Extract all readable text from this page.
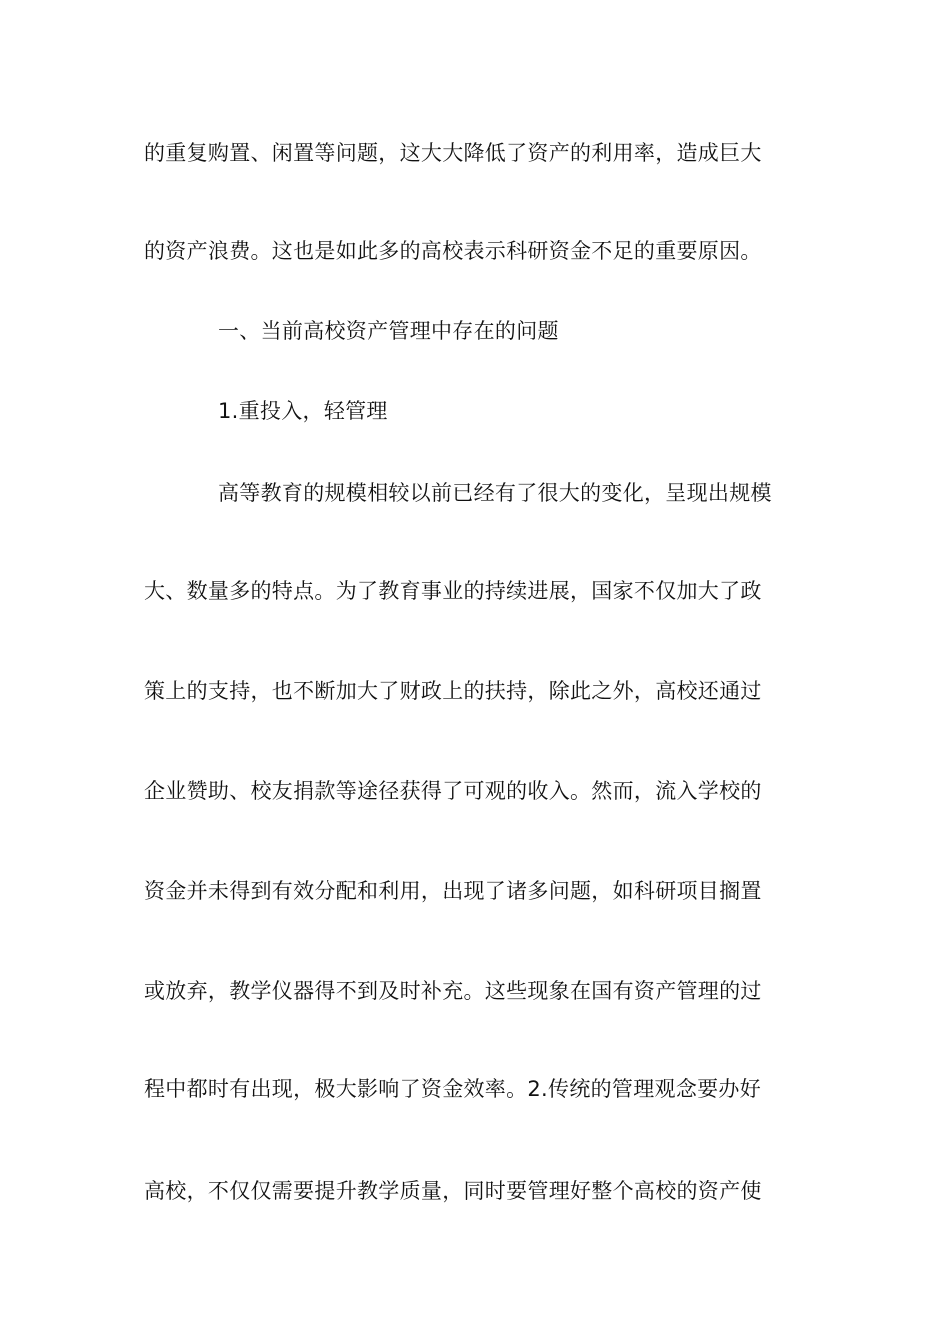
的重复购置、闲置等问题，这大大降低了资产的利用率，造成巨大
的资产浪费。这也是如此多的高校表示科研资金不足的重要原因。
一、当前高校资产管理中存在的问题
1.重投入，轻管理
高等教育的规模相较以前已经有了很大的变化，呈现出规模
大、数量多的特点。为了教育事业的持续进展，国家不仅加大了政
策上的支持，也不断加大了财政上的扶持，除此之外，高校还通过
企业赞助、校友捐款等途径获得了可观的收入。然而，流入学校的
资金并未得到有效分配和利用，出现了诸多问题，如科研项目搁置
或放弃，教学仪器得不到及时补充。这些现象在国有资产管理的过
程中都时有出现，极大影响了资金效率。2.传统的管理观念要办好
高校，不仅仅需要提升教学质量，同时要管理好整个高校的资产使
